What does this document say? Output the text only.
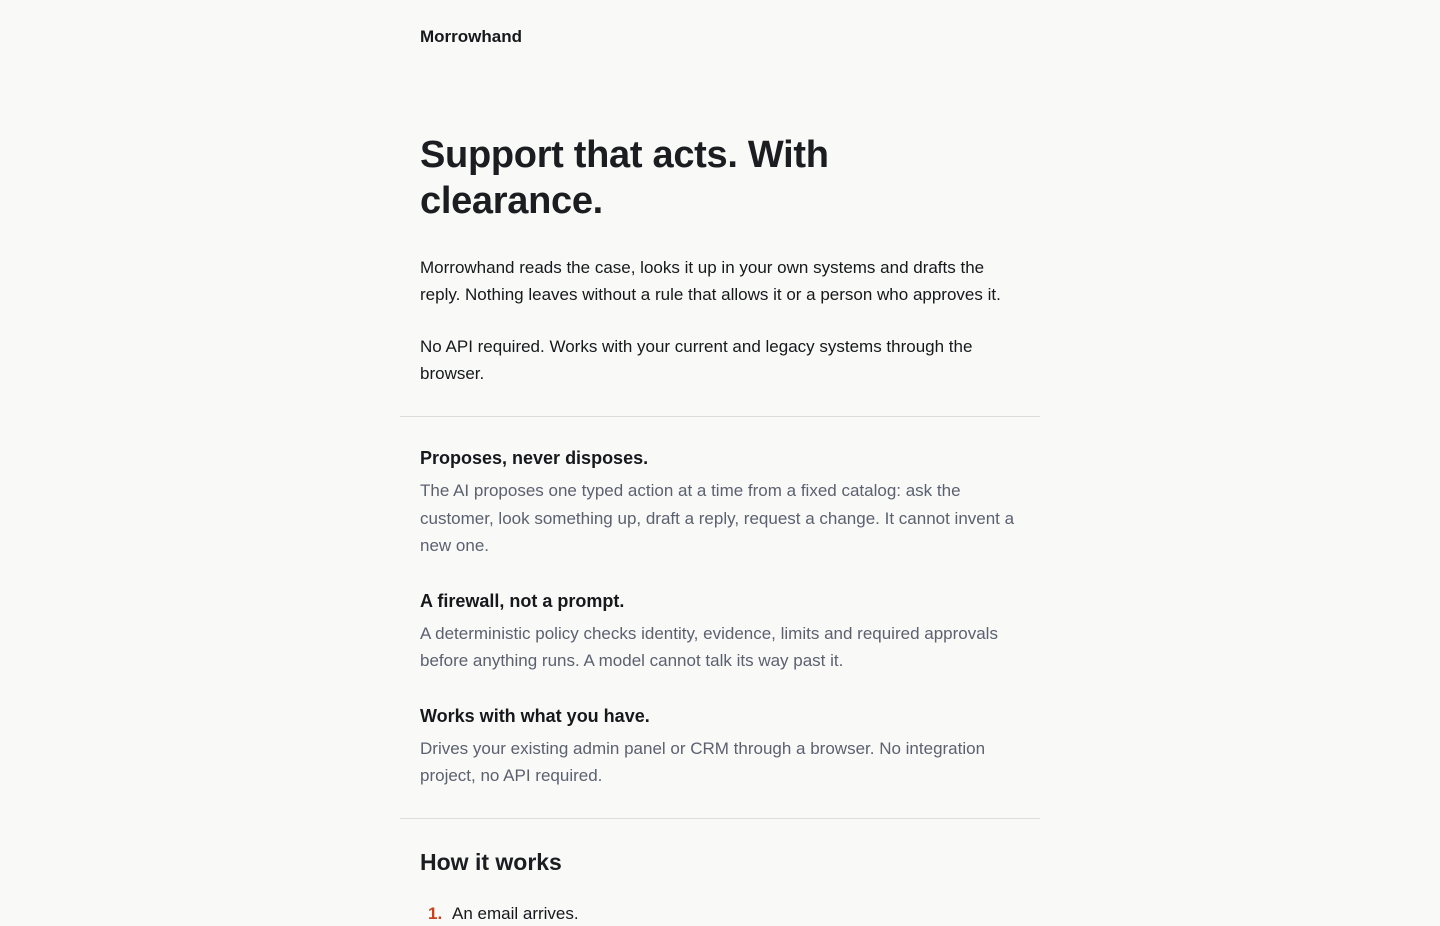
Morrowhand
Support that acts. With clearance.

Morrowhand reads the case, looks it up in your own systems and drafts the reply. Nothing leaves without a rule that allows it or a person who approves it.

No API required. Works with your current and legacy systems through the browser.

Proposes, never disposes.

The AI proposes one typed action at a time from a fixed catalog: ask the customer, look something up, draft a reply, request a change. It cannot invent a new one.

A firewall, not a prompt.

A deterministic policy checks identity, evidence, limits and required approvals before anything runs. A model cannot talk its way past it.

Works with what you have.

Drives your existing admin panel or CRM through a browser. No integration project, no API required.

How it works
1. An email arrives.
